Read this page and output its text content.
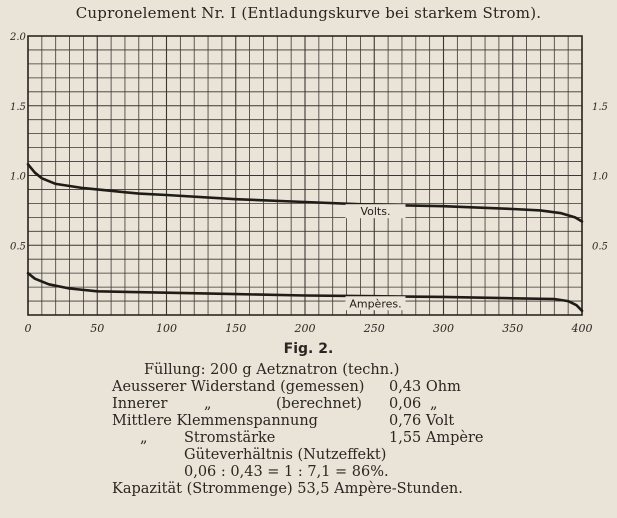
Cupronelement Nr. I (Entladungskurve bei starkem Strom).
0	50	100	150	200	250	300	350	400
0.5
1.0
1.5
2.0
0.5
1.0
1.5
Volts.
Ampères.
Fig. 2.
Füllung: 200 g Aetznatron (techn.)
Aeusserer Widerstand (gemessen) 0,43 Ohm
Innerer	„	(berechnet) 0,06 „
Mittlere Klemmenspannung	0,76 Volt
„	Stromstärke	1,55 Ampère
Güteverhältnis (Nutzeffekt)
0,06 : 0,43 = 1 : 7,1 = 86%.
Kapazität (Strommenge) 53,5 Ampère-Stunden.
